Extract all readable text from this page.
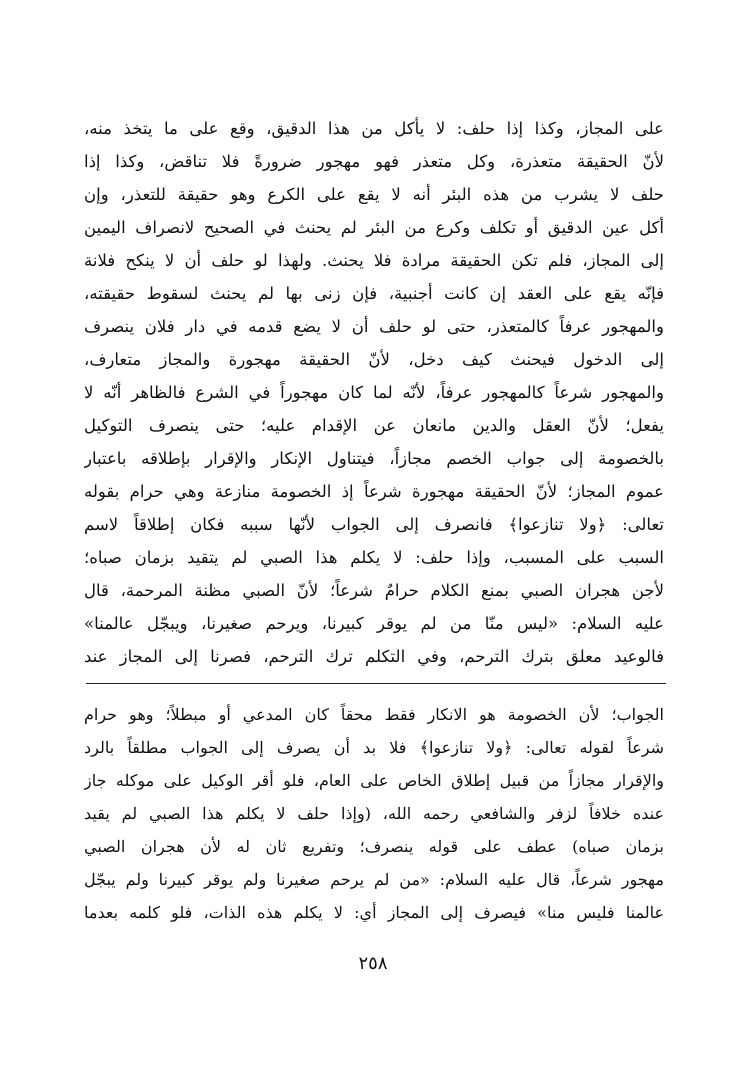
على المجاز، وكذا إذا حلف: لا يأكل من هذا الدقيق، وقع على ما يتخذ منه،
لأنّ الحقيقة متعذرة، وكل متعذر فهو مهجور ضرورةً فلا تناقض، وكذا إذا
حلف لا يشرب من هذه البئر أنه لا يقع على الكرع وهو حقيقة للتعذر، وإن
أكل عين الدقيق أو تكلف وكرع من البئر لم يحنث في الصحيح لانصراف اليمين
إلى المجاز، فلم تكن الحقيقة مرادة فلا يحنث. ولهذا لو حلف أن لا ينكح فلانة
فإنّه يقع على العقد إن كانت أجنبية، فإن زنى بها لم يحنث لسقوط حقيقته،
والمهجور عرفاً كالمتعذر، حتى لو حلف أن لا يضع قدمه في دار فلان ينصرف
إلى الدخول فيحنث كيف دخل، لأنّ الحقيقة مهجورة والمجاز متعارف،
والمهجور شرعاً كالمهجور عرفاً، لأنّه لما كان مهجوراً في الشرع فالظاهر أنّه لا
يفعل؛ لأنّ العقل والدين مانعان عن الإقدام عليه؛ حتى ينصرف التوكيل
بالخصومة إلى جواب الخصم مجازاً، فيتناول الإنكار والإقرار بإطلاقه باعتبار
عموم المجاز؛ لأنّ الحقيقة مهجورة شرعاً إذ الخصومة منازعة وهي حرام بقوله
تعالى: ﴿ولا تنازعوا﴾ فانصرف إلى الجواب لأنّها سببه فكان إطلاقاً لاسم
السبب على المسبب، وإذا حلف: لا يكلم هذا الصبي لم يتقيد بزمان صباه؛
لأجن هجران الصبي بمنع الكلام حرامٌ شرعاً؛ لأنّ الصبي مظنة المرحمة، قال
عليه السلام: «ليس منّا من لم يوقر كبيرنا، ويرحم صغيرنا، ويبجّل عالمنا»
فالوعيد معلق بترك الترحم، وفي التكلم ترك الترحم، فصرنا إلى المجاز عند
الجواب؛ لأن الخصومة هو الانكار فقط محقاً كان المدعي أو مبطلاً؛ وهو حرام
شرعاً لقوله تعالى: ﴿ولا تنازعوا﴾ فلا بد أن يصرف إلى الجواب مطلقاً بالرد
والإقرار مجازاً من قبيل إطلاق الخاص على العام، فلو أقر الوكيل على موكله جاز
عنده خلافاً لزفر والشافعي رحمه الله، (وإذا حلف لا يكلم هذا الصبي لم يقيد
بزمان صباه) عطف على قوله ينصرف؛ وتفريع ثان له لأن هجران الصبي
مهجور شرعاً، قال عليه السلام: «من لم يرحم صغيرنا ولم يوقر كبيرنا ولم يبجّل
عالمنا فليس منا» فيصرف إلى المجاز أي: لا يكلم هذه الذات، فلو كلمه بعدما
٢٥٨
